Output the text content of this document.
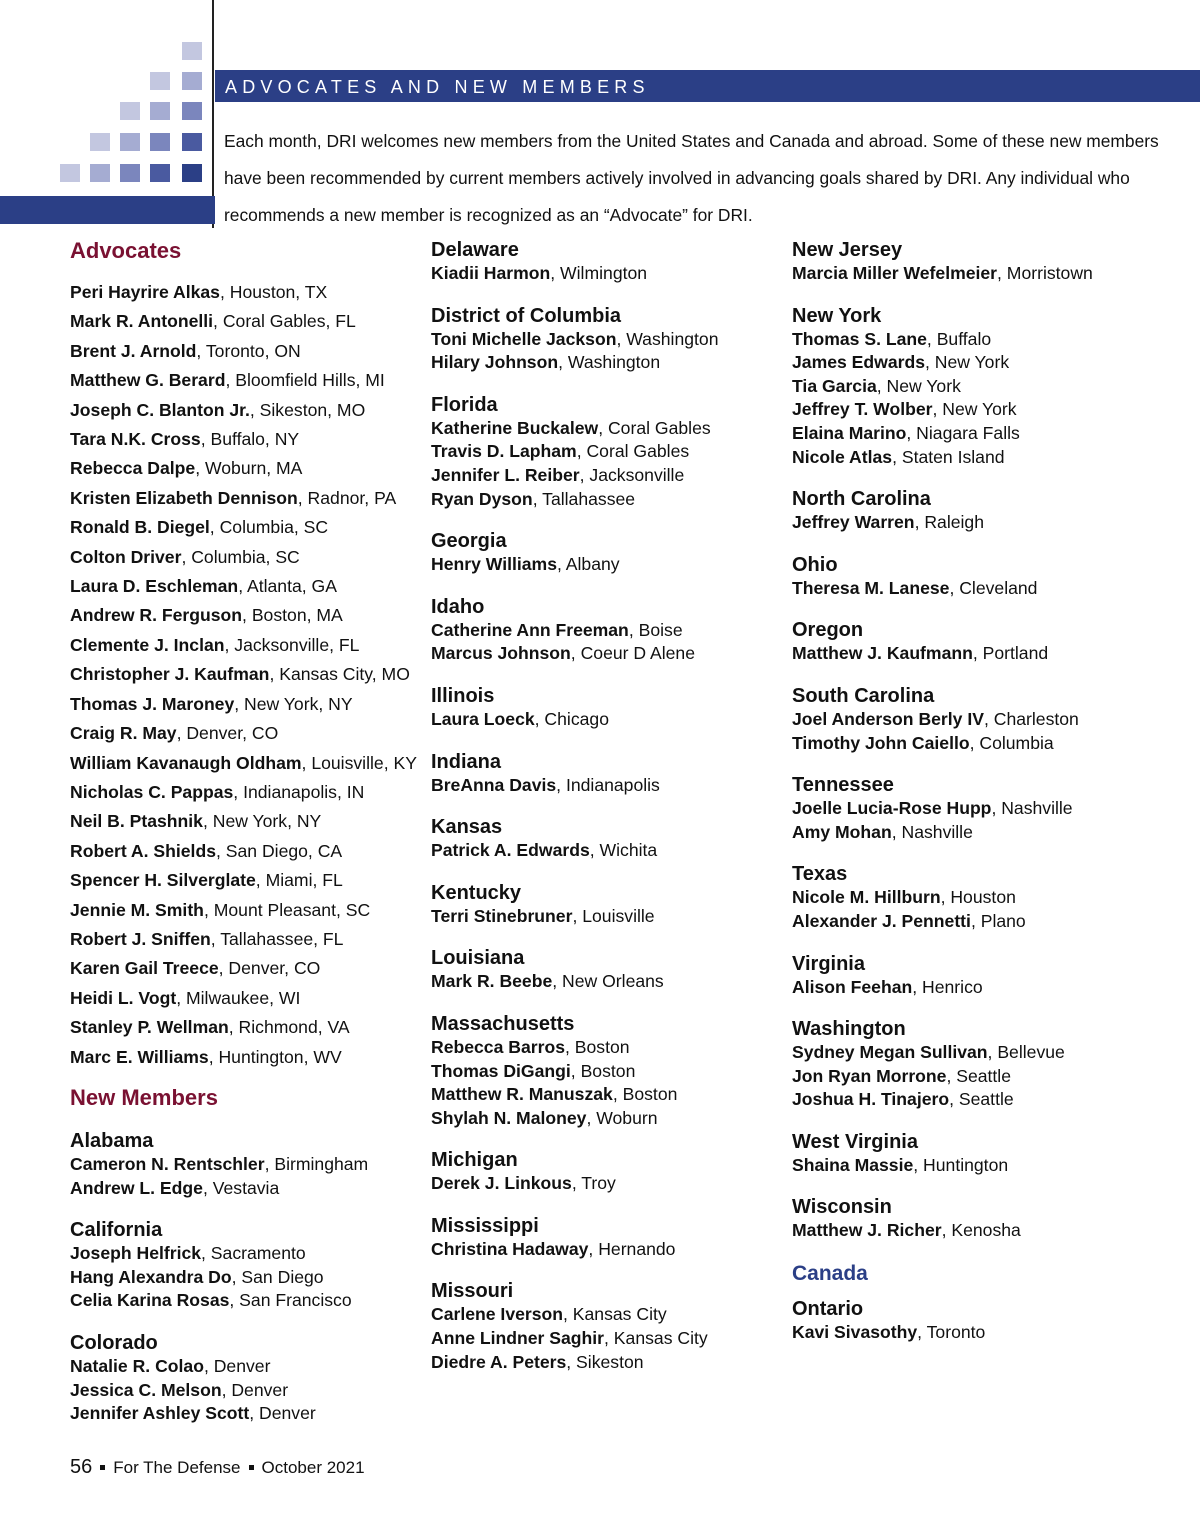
ADVOCATES AND NEW MEMBERS

Each month, DRI welcomes new members from the United States and Canada and abroad. Some of these new members have been recommended by current members actively involved in advancing goals shared by DRI. Any individual who recommends a new member is recognized as an “Advocate” for DRI.

Advocates
Peri Hayrire Alkas, Houston, TX
Mark R. Antonelli, Coral Gables, FL
Brent J. Arnold, Toronto, ON
Matthew G. Berard, Bloomfield Hills, MI
Joseph C. Blanton Jr., Sikeston, MO
Tara N.K. Cross, Buffalo, NY
Rebecca Dalpe, Woburn, MA
Kristen Elizabeth Dennison, Radnor, PA
Ronald B. Diegel, Columbia, SC
Colton Driver, Columbia, SC
Laura D. Eschleman, Atlanta, GA
Andrew R. Ferguson, Boston, MA
Clemente J. Inclan, Jacksonville, FL
Christopher J. Kaufman, Kansas City, MO
Thomas J. Maroney, New York, NY
Craig R. May, Denver, CO
William Kavanaugh Oldham, Louisville, KY
Nicholas C. Pappas, Indianapolis, IN
Neil B. Ptashnik, New York, NY
Robert A. Shields, San Diego, CA
Spencer H. Silverglate, Miami, FL
Jennie M. Smith, Mount Pleasant, SC
Robert J. Sniffen, Tallahassee, FL
Karen Gail Treece, Denver, CO
Heidi L. Vogt, Milwaukee, WI
Stanley P. Wellman, Richmond, VA
Marc E. Williams, Huntington, WV
New Members
Alabama
Cameron N. Rentschler, Birmingham
Andrew L. Edge, Vestavia
California
Joseph Helfrick, Sacramento
Hang Alexandra Do, San Diego
Celia Karina Rosas, San Francisco
Colorado
Natalie R. Colao, Denver
Jessica C. Melson, Denver
Jennifer Ashley Scott, Denver
Delaware
Kiadii Harmon, Wilmington
District of Columbia
Toni Michelle Jackson, Washington
Hilary Johnson, Washington
Florida
Katherine Buckalew, Coral Gables
Travis D. Lapham, Coral Gables
Jennifer L. Reiber, Jacksonville
Ryan Dyson, Tallahassee
Georgia
Henry Williams, Albany
Idaho
Catherine Ann Freeman, Boise
Marcus Johnson, Coeur D Alene
Illinois
Laura Loeck, Chicago
Indiana
BreAnna Davis, Indianapolis
Kansas
Patrick A. Edwards, Wichita
Kentucky
Terri Stinebruner, Louisville
Louisiana
Mark R. Beebe, New Orleans
Massachusetts
Rebecca Barros, Boston
Thomas DiGangi, Boston
Matthew R. Manuszak, Boston
Shylah N. Maloney, Woburn
Michigan
Derek J. Linkous, Troy
Mississippi
Christina Hadaway, Hernando
Missouri
Carlene Iverson, Kansas City
Anne Lindner Saghir, Kansas City
Diedre A. Peters, Sikeston
New Jersey
Marcia Miller Wefelmeier, Morristown
New York
Thomas S. Lane, Buffalo
James Edwards, New York
Tia Garcia, New York
Jeffrey T. Wolber, New York
Elaina Marino, Niagara Falls
Nicole Atlas, Staten Island
North Carolina
Jeffrey Warren, Raleigh
Ohio
Theresa M. Lanese, Cleveland
Oregon
Matthew J. Kaufmann, Portland
South Carolina
Joel Anderson Berly IV, Charleston
Timothy John Caiello, Columbia
Tennessee
Joelle Lucia-Rose Hupp, Nashville
Amy Mohan, Nashville
Texas
Nicole M. Hillburn, Houston
Alexander J. Pennetti, Plano
Virginia
Alison Feehan, Henrico
Washington
Sydney Megan Sullivan, Bellevue
Jon Ryan Morrone, Seattle
Joshua H. Tinajero, Seattle
West Virginia
Shaina Massie, Huntington
Wisconsin
Matthew J. Richer, Kenosha
Canada
Ontario
Kavi Sivasothy, Toronto
56 For The Defense October 2021
